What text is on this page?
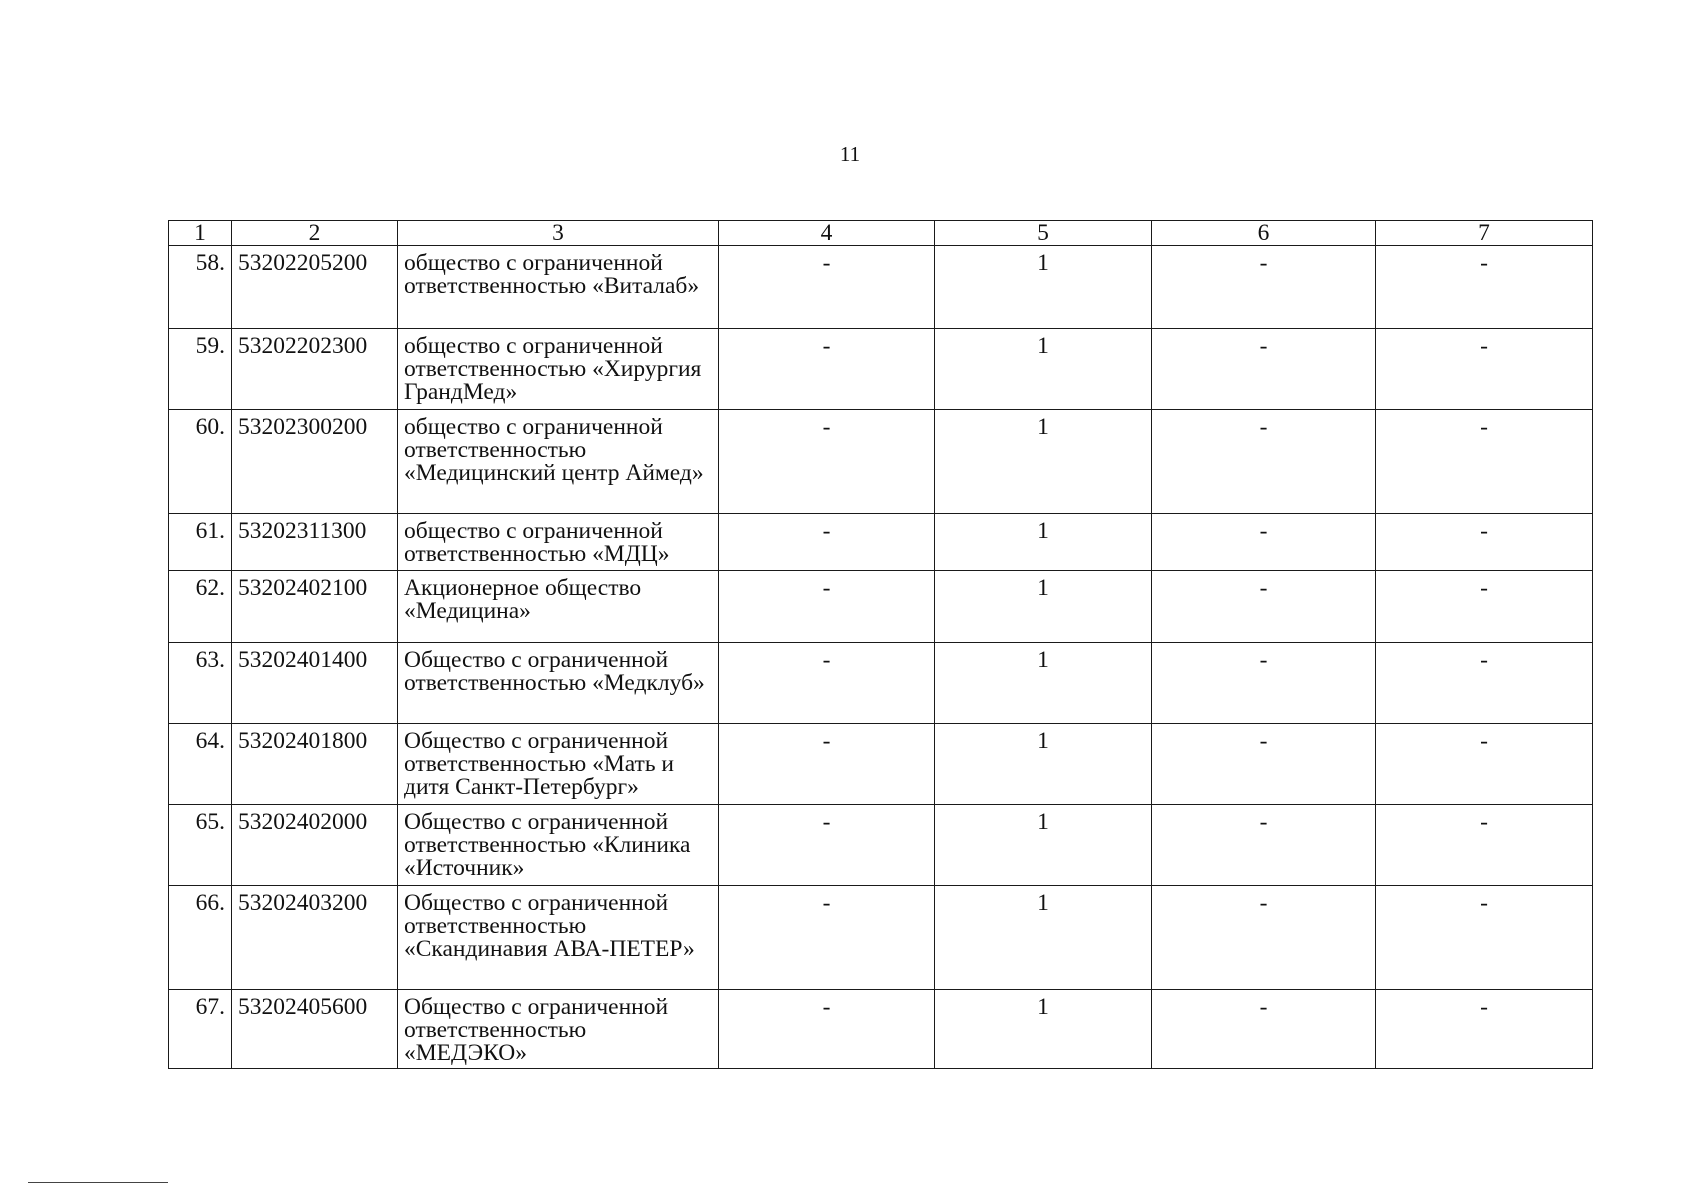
11
1	2	3	4	5	6	7
58.	53202205200	общество с ограниченной ответственностью «Виталаб»	-	1	-	-
59.	53202202300	общество с ограниченной ответственностью «Хирургия ГрандМед»	-	1	-	-
60.	53202300200	общество с ограниченной ответственностью «Медицинский центр Аймед»	-	1	-	-
61.	53202311300	общество с ограниченной ответственностью «МДЦ»	-	1	-	-
62.	53202402100	Акционерное общество «Медицина»	-	1	-	-
63.	53202401400	Общество с ограниченной ответственностью «Медклуб»	-	1	-	-
64.	53202401800	Общество с ограниченной ответственностью «Мать и дитя Санкт-Петербург»	-	1	-	-
65.	53202402000	Общество с ограниченной ответственностью «Клиника «Источник»	-	1	-	-
66.	53202403200	Общество с ограниченной ответственностью «Скандинавия АВА-ПЕТЕР»	-	1	-	-
67.	53202405600	Общество с ограниченной ответственностью «МЕДЭКО»	-	1	-	-
